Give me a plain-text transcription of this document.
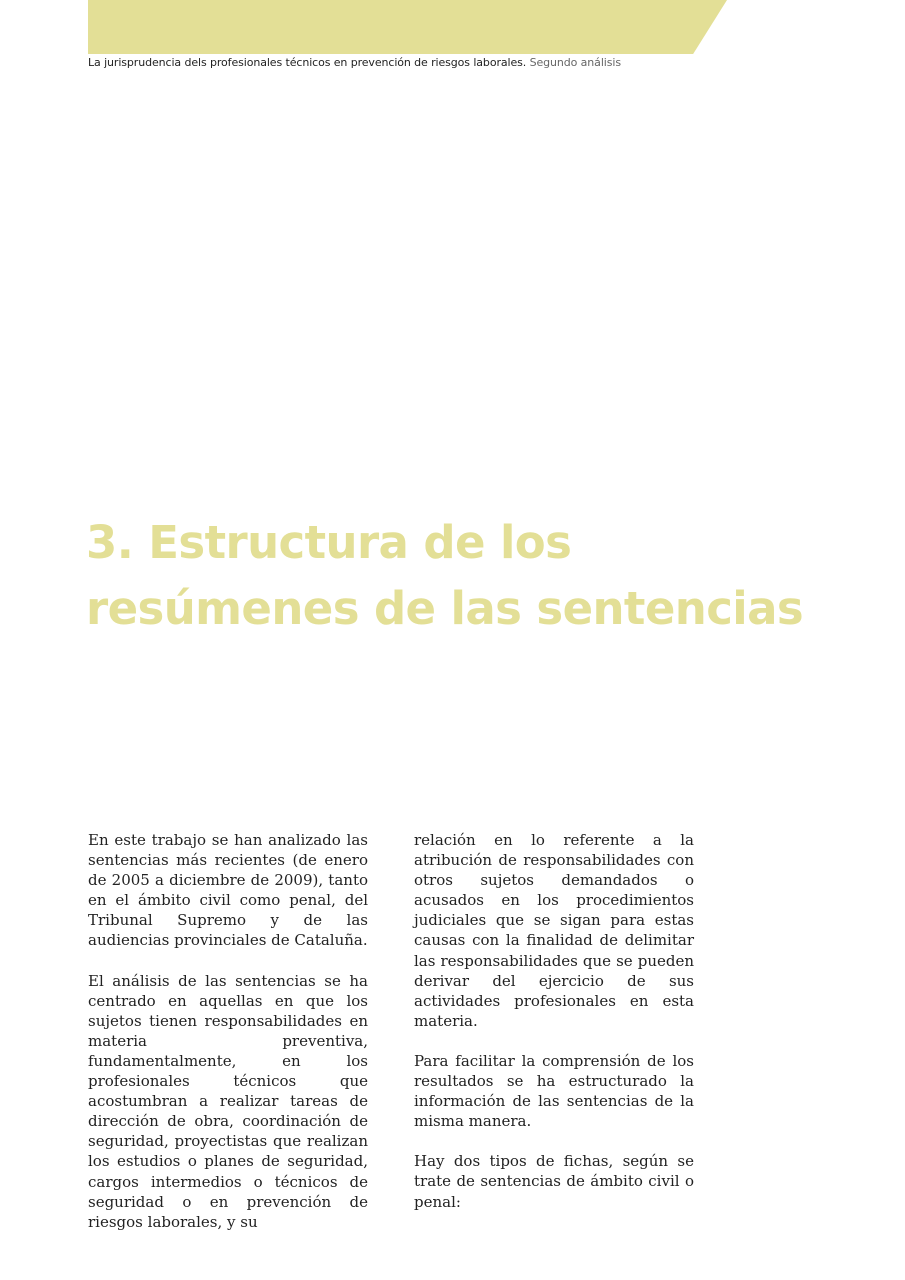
La jurisprudencia dels profesionales técnicos en prevención de riesgos laborales. Segundo análisis
3. Estructura de los
resúmenes de las sentencias

En este trabajo se han analizado las sentencias más recientes (de enero de 2005 a diciembre de 2009), tanto en el ámbito civil como penal, del Tribunal Supremo y de las audiencias provinciales de Cataluña.

El análisis de las sentencias se ha centrado en aquellas en que los sujetos tienen responsabilidades en materia preventiva, fundamentalmente, en los profesionales técnicos que acostumbran a realizar tareas de dirección de obra, coordinación de seguridad, proyectistas que realizan los estudios o planes de seguridad, cargos intermedios o técnicos de seguridad o en prevención de riesgos laborales, y su

relación en lo referente a la atribución de responsabilidades con otros sujetos demandados o acusados en los procedimientos judiciales que se sigan para estas causas con la finalidad de delimitar las responsabilidades que se pueden derivar del ejercicio de sus actividades profesionales en esta materia.

Para facilitar la comprensión de los resultados se ha estructurado la información de las sentencias de la misma manera.

Hay dos tipos de fichas, según se trate de sentencias de ámbito civil o penal:
